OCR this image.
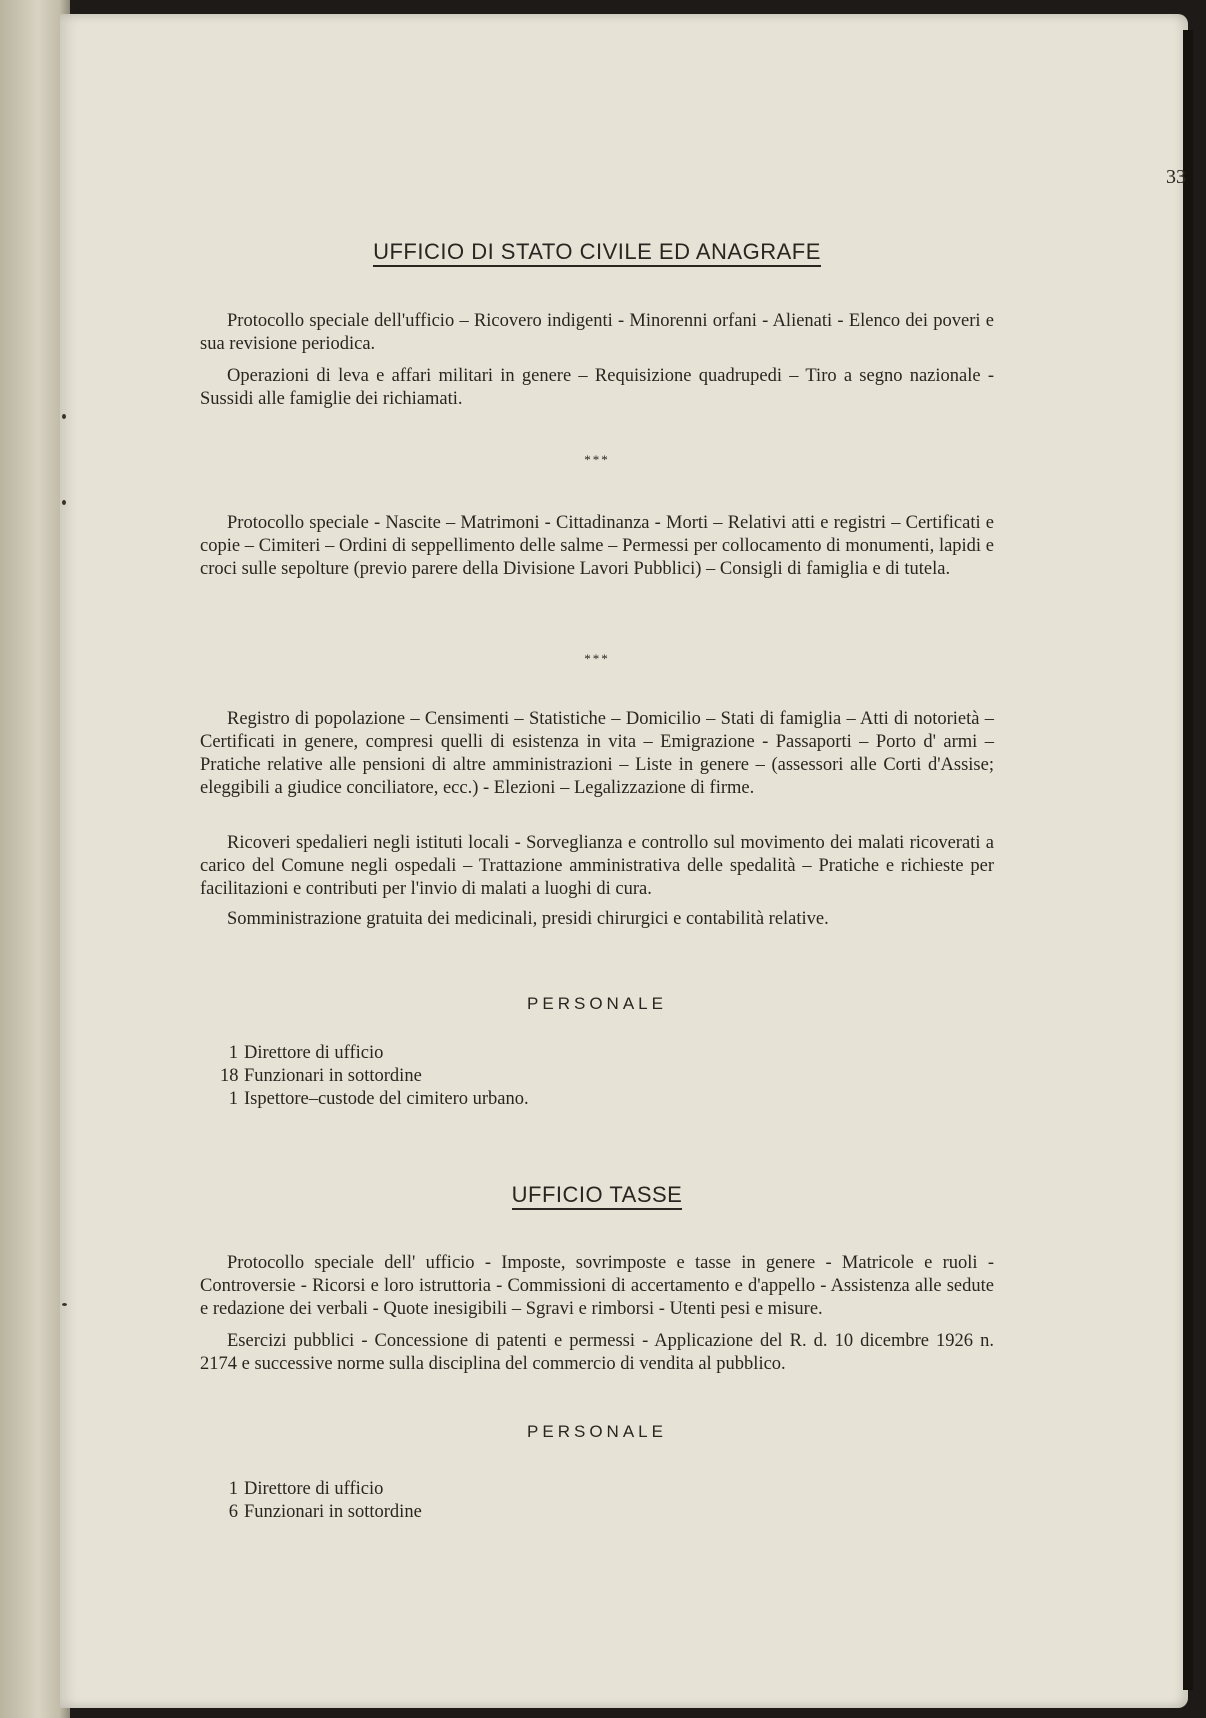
33
UFFICIO DI STATO CIVILE ED ANAGRAFE

Protocollo speciale dell'ufficio – Ricovero indigenti - Minorenni orfani - Alienati - Elenco dei poveri e sua revisione periodica.

Operazioni di leva e affari militari in genere – Requisizione quadrupedi – Tiro a segno nazionale - Sussidi alle famiglie dei richiamati.

***

Protocollo speciale - Nascite – Matrimoni - Cittadinanza - Morti – Relativi atti e registri – Certificati e copie – Cimiteri – Ordini di seppellimento delle salme – Permessi per collocamento di monumenti, lapidi e croci sulle sepolture (previo parere della Divisione Lavori Pubblici) – Consigli di famiglia e di tutela.

***

Registro di popolazione – Censimenti – Statistiche – Domicilio – Stati di famiglia – Atti di notorietà – Certificati in genere, compresi quelli di esistenza in vita – Emigrazione - Passaporti – Porto d' armi – Pratiche relative alle pensioni di altre amministrazioni – Liste in genere – (assessori alle Corti d'Assise; eleggibili a giudice conciliatore, ecc.) - Elezioni – Legalizzazione di firme.

Ricoveri spedalieri negli istituti locali - Sorveglianza e controllo sul movimento dei malati ricoverati a carico del Comune negli ospedali – Trattazione amministrativa delle spedalità – Pratiche e richieste per facilitazioni e contributi per l'invio di malati a luoghi di cura.

Somministrazione gratuita dei medicinali, presidi chirurgici e contabilità relative.

PERSONALE
1 Direttore di ufficio
18 Funzionari in sottordine
1 Ispettore–custode del cimitero urbano.
UFFICIO TASSE

Protocollo speciale dell' ufficio - Imposte, sovrimposte e tasse in genere - Matricole e ruoli - Controversie - Ricorsi e loro istruttoria - Commissioni di accertamento e d'appello - Assistenza alle sedute e redazione dei verbali - Quote inesigibili – Sgravi e rimborsi - Utenti pesi e misure.

Esercizi pubblici - Concessione di patenti e permessi - Applicazione del R. d. 10 dicembre 1926 n. 2174 e successive norme sulla disciplina del commercio di vendita al pubblico.

PERSONALE
1 Direttore di ufficio
6 Funzionari in sottordine
